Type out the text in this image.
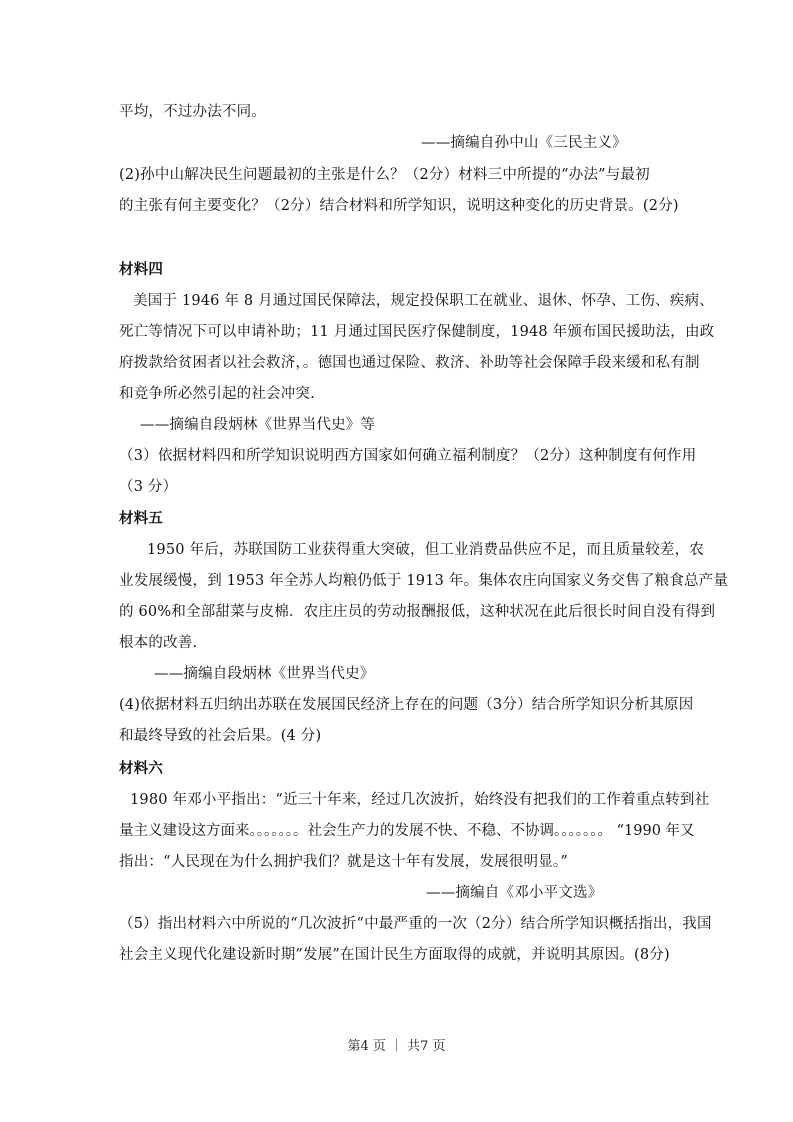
平均，不过办法不同。
——摘编自孙中山《三民主义》
(2)孙中山解决民生问题最初的主张是什么？（2分）材料三中所提的“办法”与最初
的主张有何主要变化？（2分）结合材料和所学知识，说明这种变化的历史背景。(2分)
材料四
美国于 1946 年 8 月通过国民保障法，规定投保职工在就业、退休、怀孕、工伤、疾病、
死亡等情况下可以申请补助；11 月通过国民医疗保健制度，1948 年颁布国民援助法，由政
府拨款给贫困者以社会救济，。德国也通过保险、救济、补助等社会保障手段来缓和私有制
和竞争所必然引起的社会冲突.
——摘编自段炳林《世界当代史》等
（3）依据材料四和所学知识说明西方国家如何确立福利制度？（2分）这种制度有何作用
（3 分）
材料五
1950 年后，苏联国防工业获得重大突破，但工业消费品供应不足，而且质量较差，农
业发展缓慢，到 1953 年全苏人均粮仍低于 1913 年。集体农庄向国家义务交售了粮食总产量
的 60%和全部甜菜与皮棉．农庄庄员的劳动报酬报低，这种状况在此后很长时间自没有得到
根本的改善.
——摘编自段炳林《世界当代史》
(4)依据材料五归纳出苏联在发展国民经济上存在的问题（3分）结合所学知识分析其原因
和最终导致的社会后果。(4 分)
材料六
1980 年邓小平指出：“近三十年来，经过几次波折，始终没有把我们的工作着重点转到社
量主义建设这方面来。。。。。。。社会生产力的发展不快、不稳、不协调。。。。。。。 “1990 年又
指出：“人民现在为什么拥护我们？就是这十年有发展，发展很明显。”
——摘编自《邓小平文选》
（5）指出材料六中所说的“几次波折“中最严重的一次（2分）结合所学知识概括指出，我国
社会主义现代化建设新时期”发展”在国计民生方面取得的成就，并说明其原因。(8分)
第4 页 ｜ 共7 页
